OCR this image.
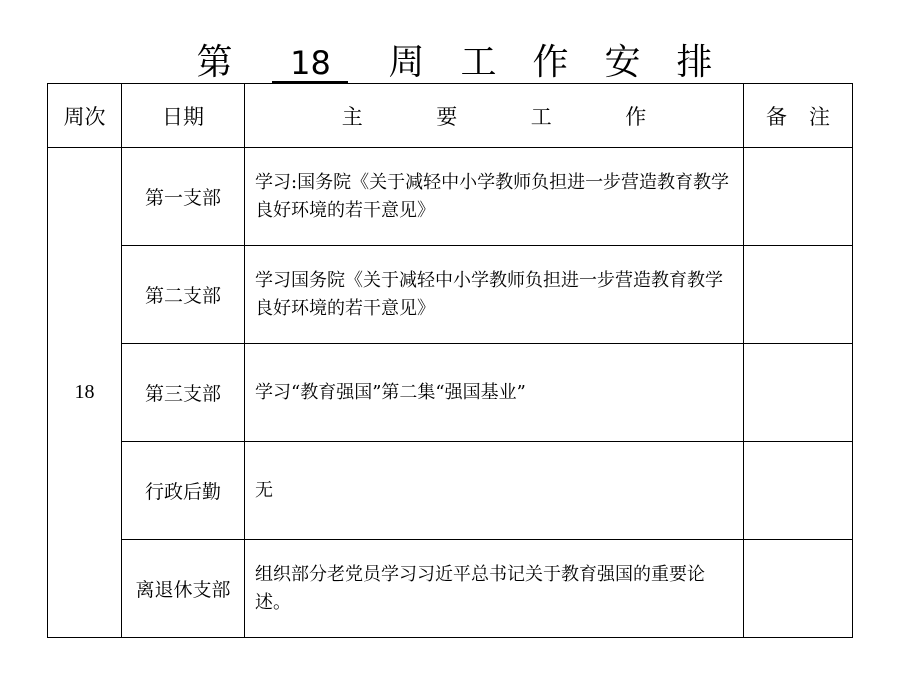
第	18	周 工 作 安 排
周次	日期	主 要 工 作	备 注

18	第一支部	学习:国务院《关于减轻中小学教师负担进一步营造教育教学良好环境的若干意见》	
	第二支部	学习国务院《关于减轻中小学教师负担进一步营造教育教学良好环境的若干意见》	
	第三支部	学习“教育强国”第二集“强国基业”	
	行政后勤	无	
	离退休支部	组织部分老党员学习习近平总书记关于教育强国的重要论述。	
